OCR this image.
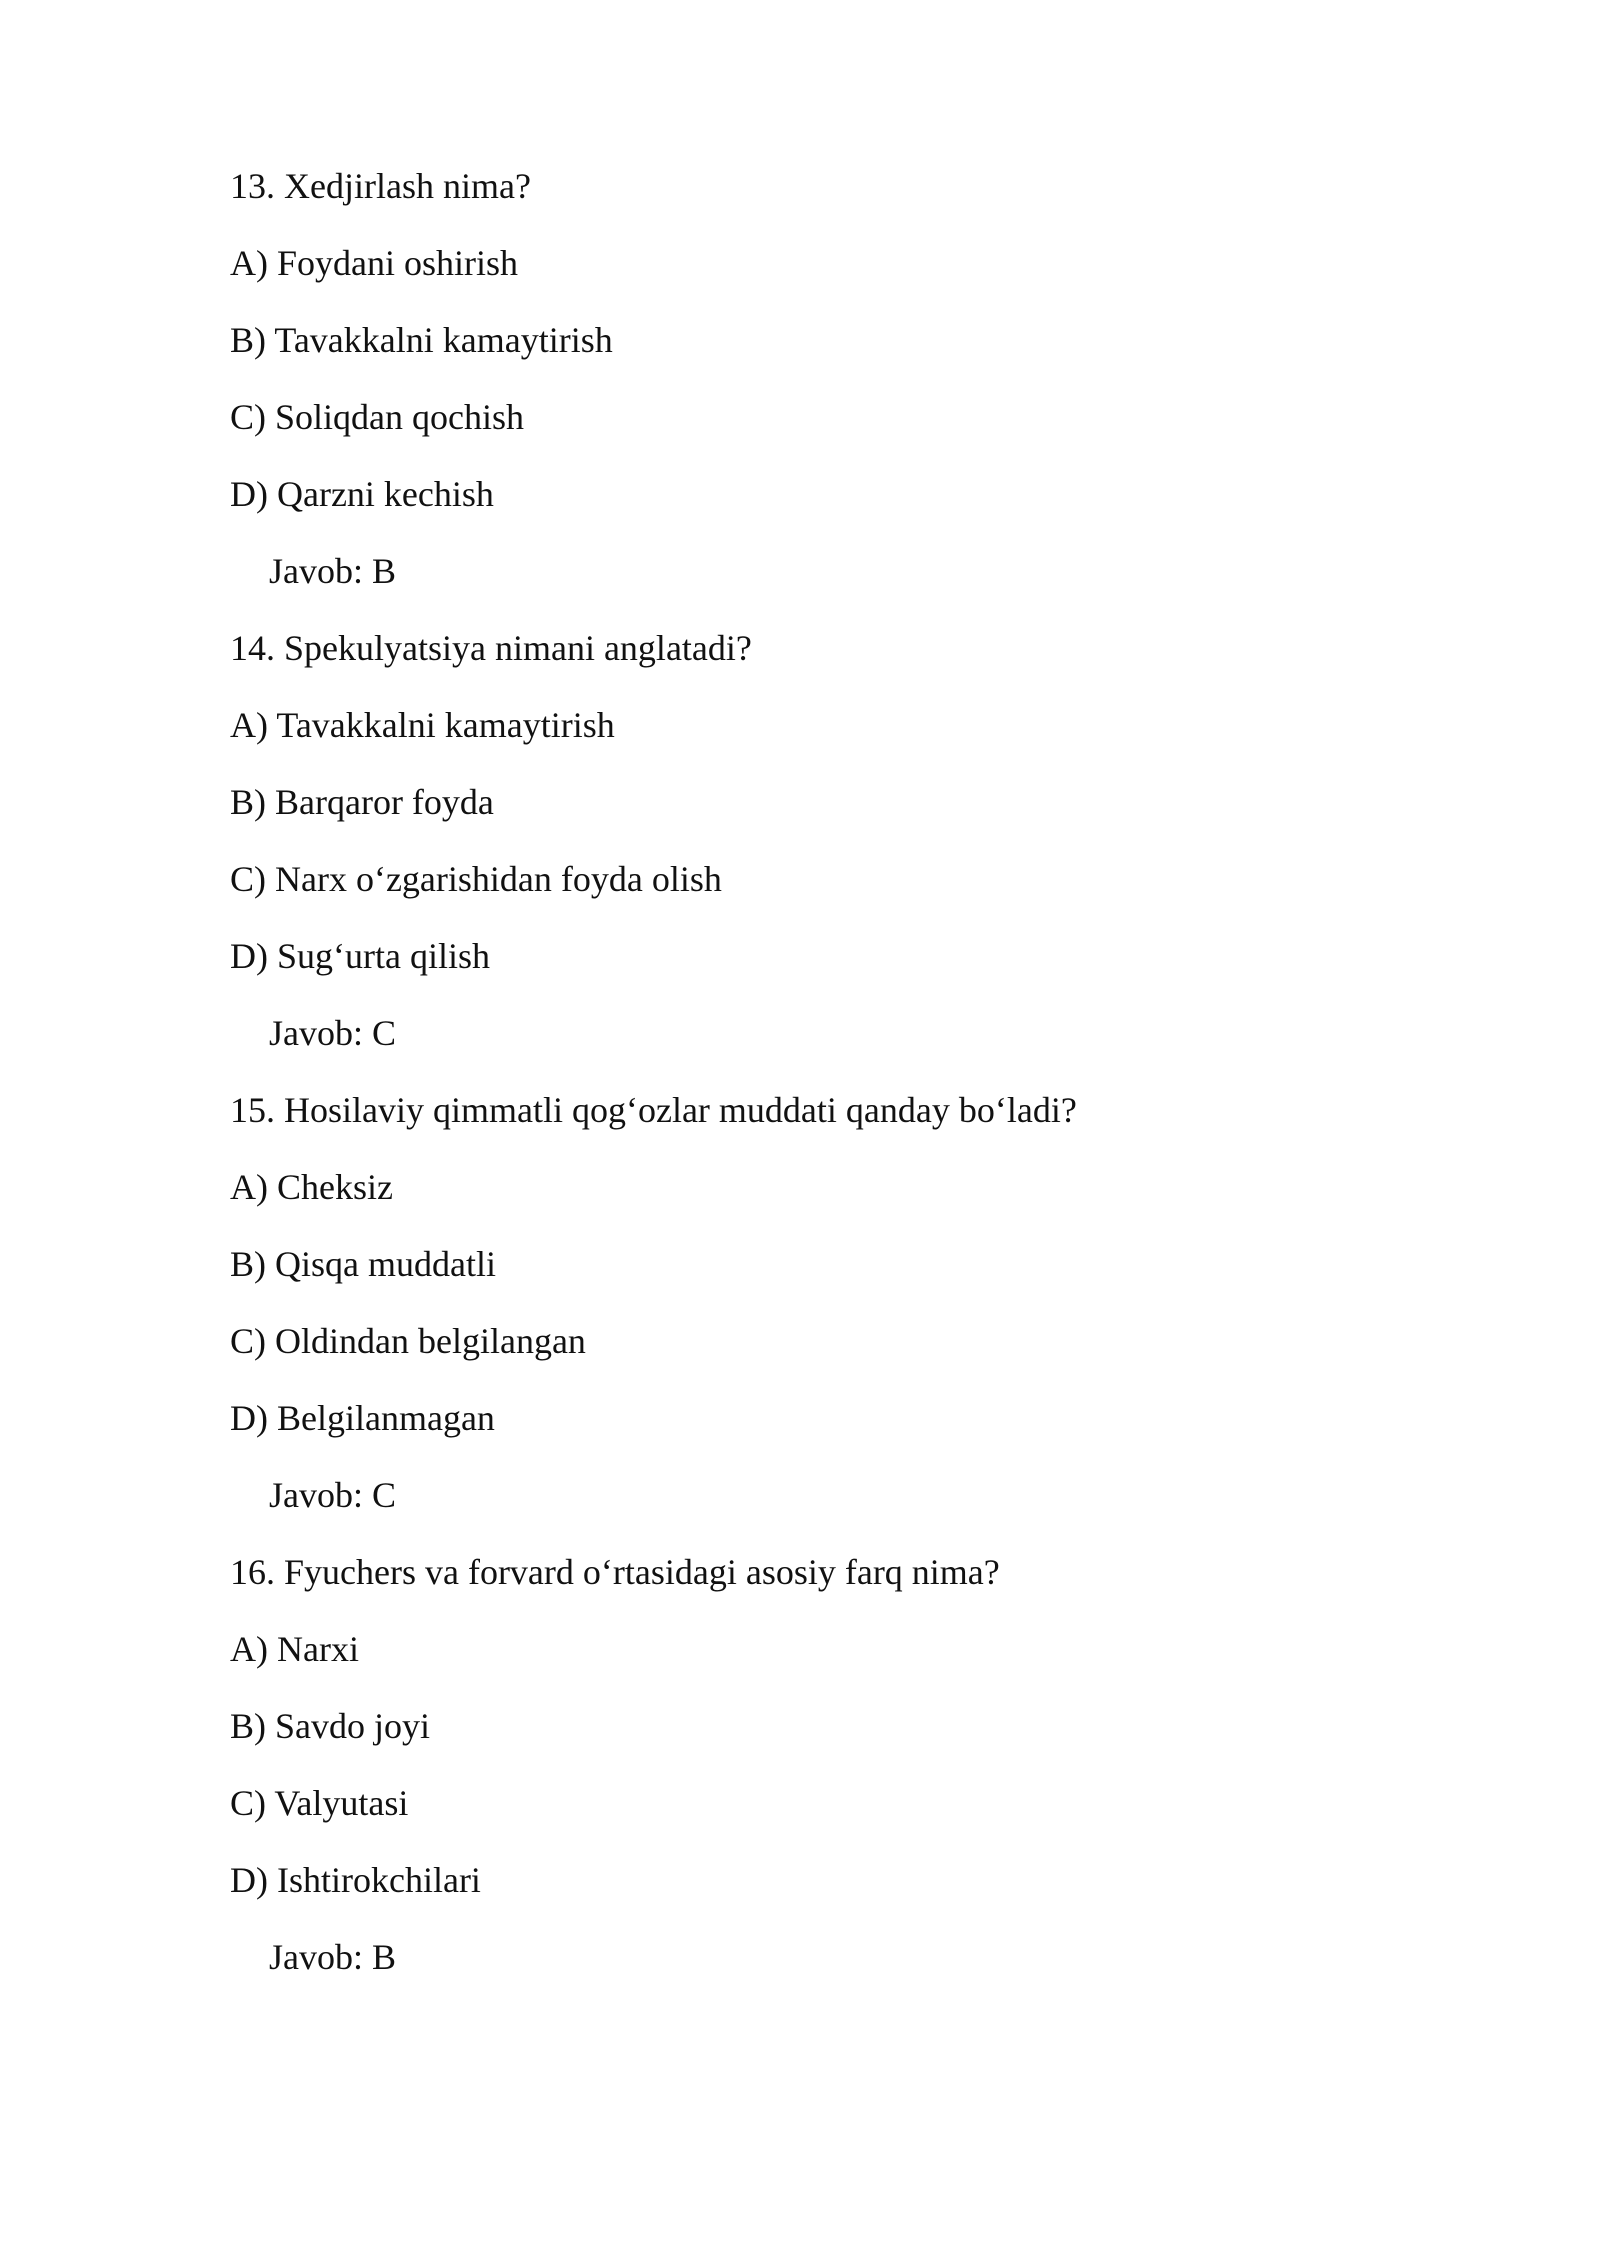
13. Xedjirlash nima?
A) Foydani oshirish
B) Tavakkalni kamaytirish
C) Soliqdan qochish
D) Qarzni kechish
Javob: B
14. Spekulyatsiya nimani anglatadi?
A) Tavakkalni kamaytirish
B) Barqaror foyda
C) Narx o‘zgarishidan foyda olish
D) Sug‘urta qilish
Javob: C
15. Hosilaviy qimmatli qog‘ozlar muddati qanday bo‘ladi?
A) Cheksiz
B) Qisqa muddatli
C) Oldindan belgilangan
D) Belgilanmagan
Javob: C
16. Fyuchers va forvard o‘rtasidagi asosiy farq nima?
A) Narxi
B) Savdo joyi
C) Valyutasi
D) Ishtirokchilari
Javob: B
